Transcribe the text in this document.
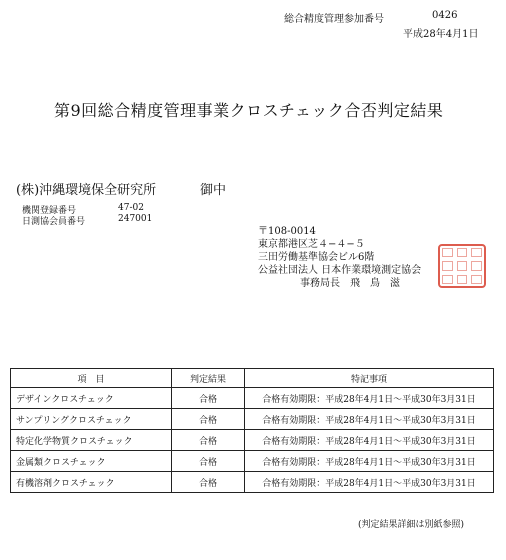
総合精度管理参加番号	0426
平成28年4月1日
第9回総合精度管理事業クロスチェック合否判定結果
(株)沖縄環境保全研究所	御中
機関登録番号	47-02
日測協会員番号	247001
〒108-0014
東京都港区芝４−４−５
三田労働基準協会ビル6階
公益社団法人 日本作業環境測定協会
事務局長　飛　鳥　滋
項　目	判定結果	特記事項
デザインクロスチェック	合格	合格有効期限：平成28年4月1日～平成30年3月31日
サンプリングクロスチェック	合格	合格有効期限：平成28年4月1日～平成30年3月31日
特定化学物質クロスチェック	合格	合格有効期限：平成28年4月1日～平成30年3月31日
金属類クロスチェック	合格	合格有効期限：平成28年4月1日～平成30年3月31日
有機溶剤クロスチェック	合格	合格有効期限：平成28年4月1日～平成30年3月31日
(判定結果詳細は別紙参照)
